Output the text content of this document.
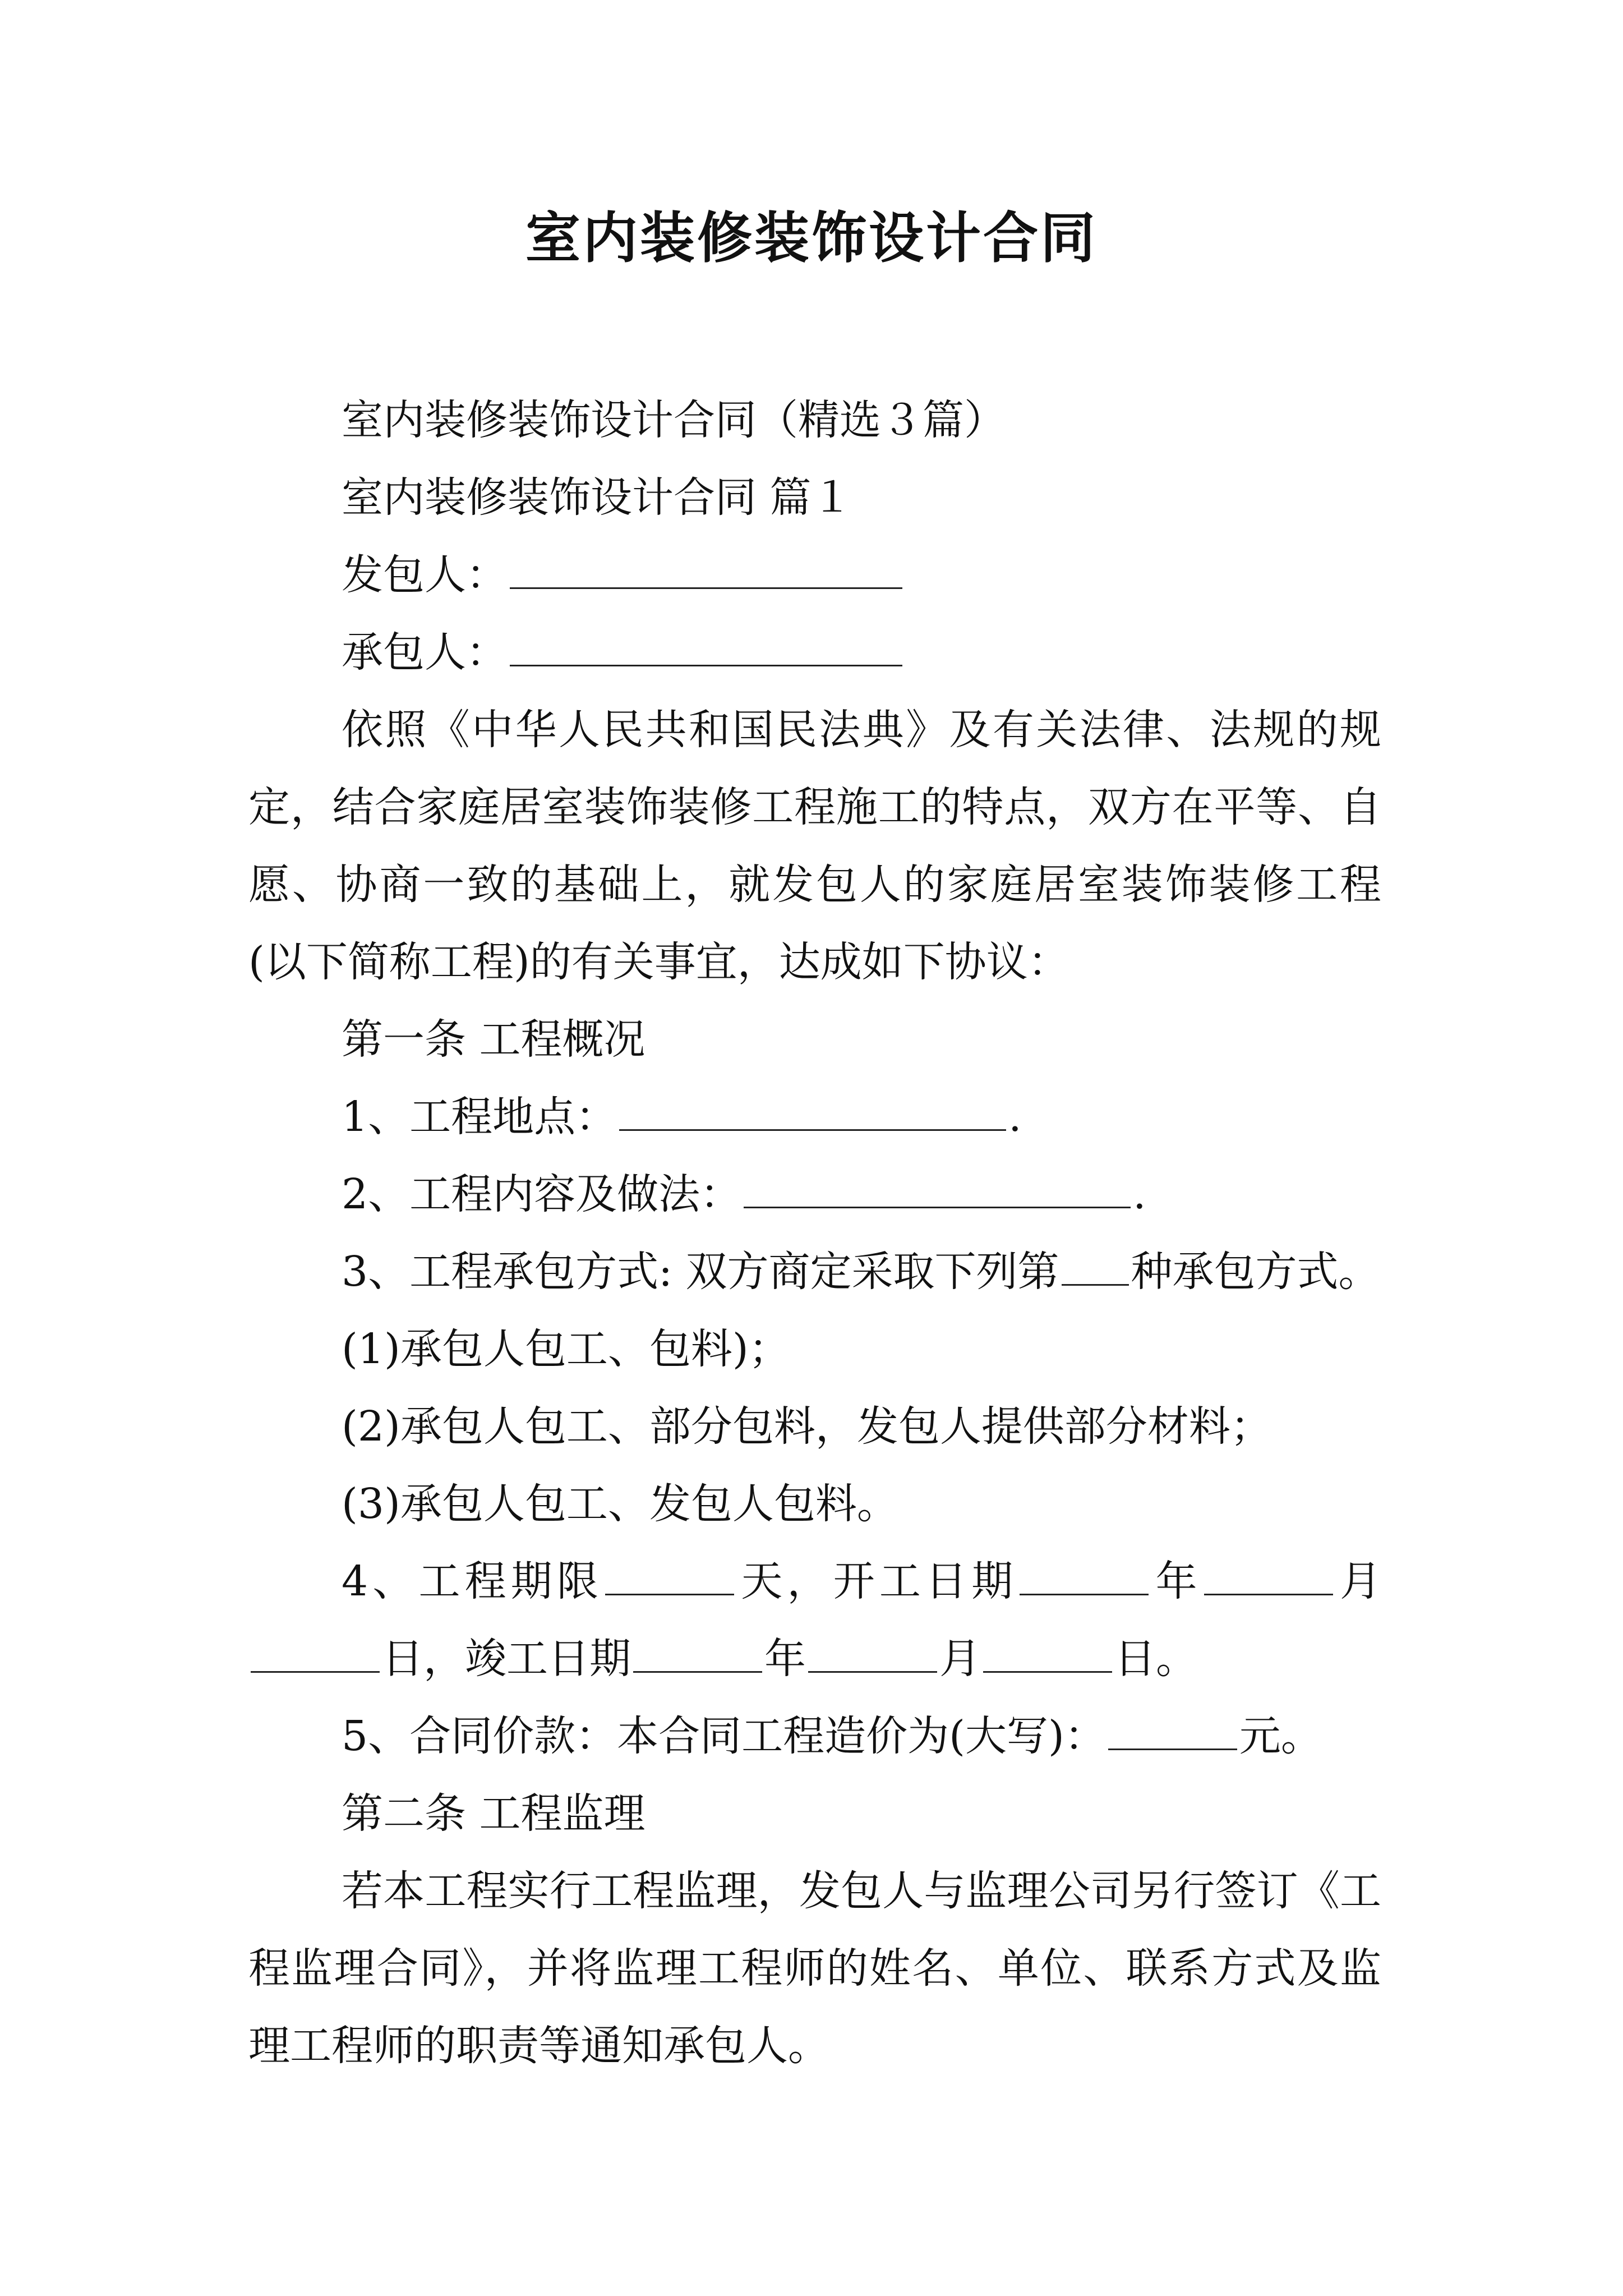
室内装修装饰设计合同

室内装修装饰设计合同（精选３篇）

室内装修装饰设计合同 篇１

发包人：

承包人：

依照《中华人民共和国民法典》及有关法律、法规的规定，结合家庭居室装饰装修工程施工的特点，双方在平等、自愿、协商一致的基础上，就发包人的家庭居室装饰装修工程(以下简称工程)的有关事宜，达成如下协议：

第一条 工程概况

1、工程地点：	.

2、工程内容及做法：	.

3、工程承包方式: 双方商定采取下列第 种承包方式。

(1)承包人包工、包料)；

(2)承包人包工、部分包料，发包人提供部分材料；

(3)承包人包工、发包人包料。

4、工程期限	天，开工日期	年	月日，竣工日期	年	月	日。

5、合同价款：本合同工程造价为(大写)：	元。

第二条 工程监理

若本工程实行工程监理，发包人与监理公司另行签订《工程监理合同》，并将监理工程师的姓名、单位、联系方式及监理工程师的职责等通知承包人。
